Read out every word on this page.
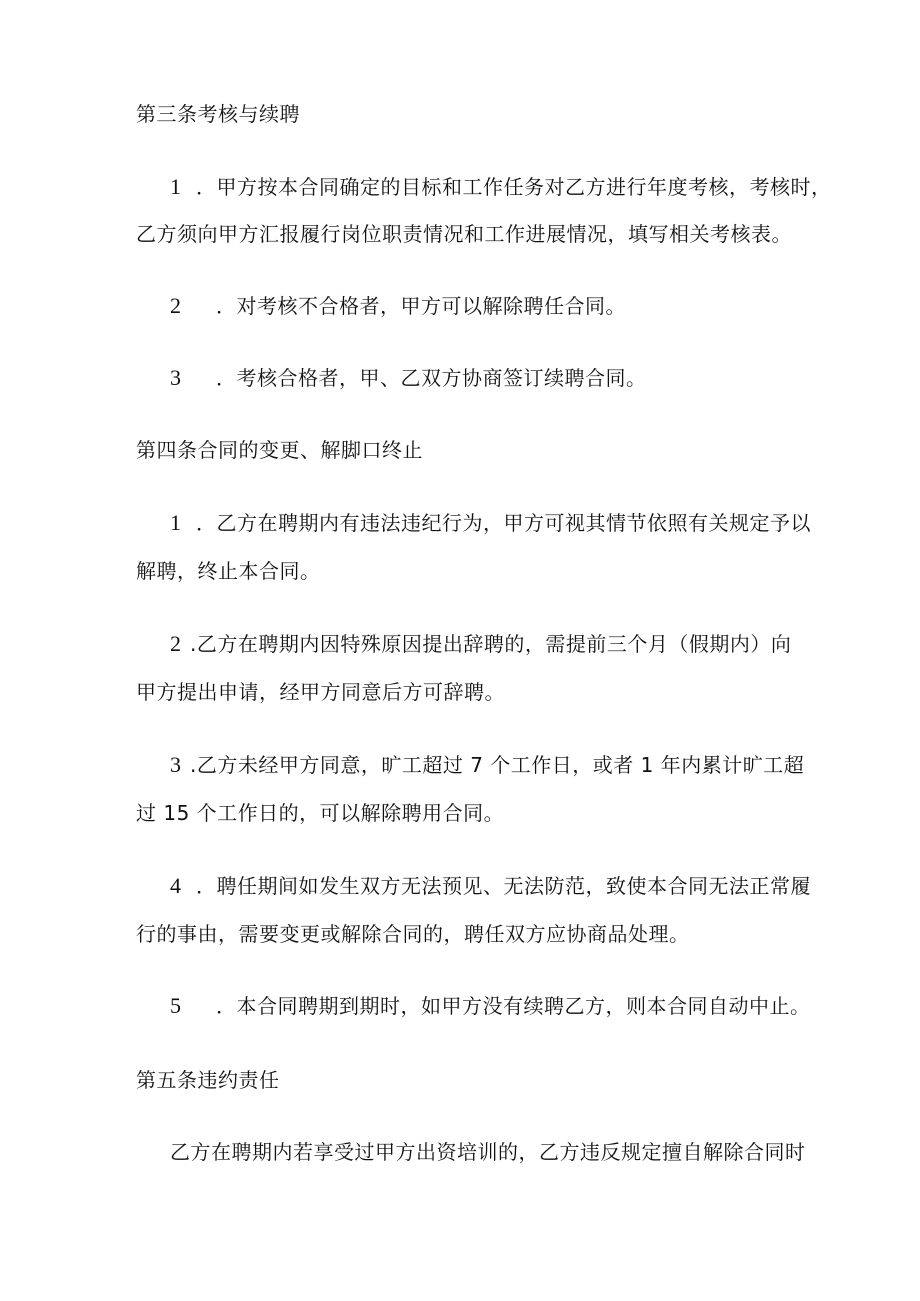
第三条考核与续聘
1 ．甲方按本合同确定的目标和工作任务对乙方进行年度考核，考核时，
乙方须向甲方汇报履行岗位职责情况和工作进展情况，填写相关考核表。
2 ．对考核不合格者，甲方可以解除聘任合同。
3 ．考核合格者，甲、乙双方协商签订续聘合同。
第四条合同的变更、解脚口终止
1 ．乙方在聘期内有违法违纪行为，甲方可视其情节依照有关规定予以
解聘，终止本合同。
2 .乙方在聘期内因特殊原因提出辞聘的，需提前三个月（假期内）向
甲方提出申请，经甲方同意后方可辞聘。
3 .乙方未经甲方同意，旷工超过 7 个工作日，或者 1 年内累计旷工超
过 15 个工作日的，可以解除聘用合同。
4 ．聘任期间如发生双方无法预见、无法防范，致使本合同无法正常履
行的事由，需要变更或解除合同的，聘任双方应协商品处理。
5 ．本合同聘期到期时，如甲方没有续聘乙方，则本合同自动中止。
第五条违约责任
乙方在聘期内若享受过甲方出资培训的，乙方违反规定擅自解除合同时
